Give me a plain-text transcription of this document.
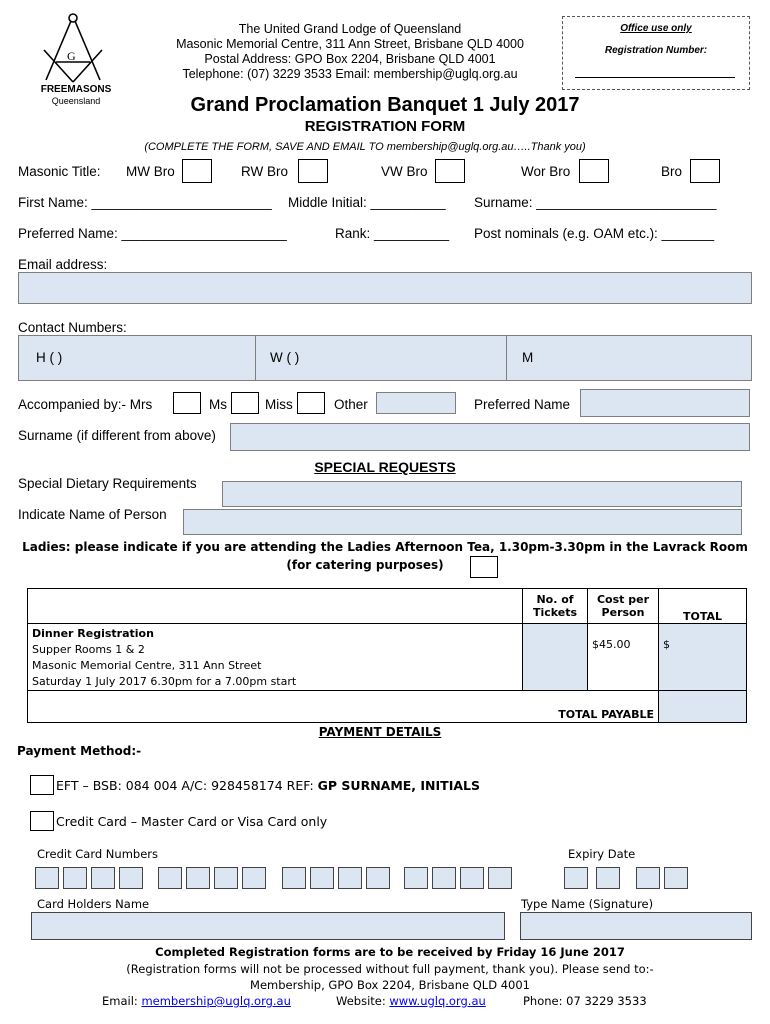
G
FREEMASONS
Queensland
The United Grand Lodge of Queensland
Masonic Memorial Centre, 311 Ann Street, Brisbane QLD 4000
Postal Address: GPO Box 2204, Brisbane QLD 4001
Telephone: (07) 3229 3533 Email: membership@uglq.org.au
Office use only
Registration Number:
Grand Proclamation Banquet 1 July 2017
REGISTRATION FORM
(COMPLETE THE FORM, SAVE AND EMAIL TO membership@uglq.org.au…..Thank you)
Masonic Title: MW Bro	RW Bro	VW Bro	Wor Bro	Bro
First Name: ________________________ Middle Initial: __________ Surname: ________________________
Preferred Name: ______________________	Rank: __________ Post nominals (e.g. OAM etc.): _______
Email address:
Contact Numbers:
H ( )	W ( )	M
Accompanied by:- Mrs	Ms	Miss	Other	Preferred Name
Surname (if different from above)
SPECIAL REQUESTS
Special Dietary Requirements
Indicate Name of Person
Ladies: please indicate if you are attending the Ladies Afternoon Tea, 1.30pm-3.30pm in the Lavrack Room
(for catering purposes)
	No. of Tickets	Cost per Person	TOTAL

Dinner Registration
Supper Rooms 1 & 2
Masonic Memorial Centre, 311 Ann Street
Saturday 1 July 2017 6.30pm for a 7.00pm start		$45.00	$
	TOTAL PAYABLE		
PAYMENT DETAILS
Payment Method:-
EFT – BSB: 084 004 A/C: 928458174 REF: GP SURNAME, INITIALS
Credit Card – Master Card or Visa Card only
Credit Card Numbers	Expiry Date
Card Holders Name	Type Name (Signature)
Completed Registration forms are to be received by Friday 16 June 2017
(Registration forms will not be processed without full payment, thank you). Please send to:-
Membership, GPO Box 2204, Brisbane QLD 4001
Email: membership@uglq.org.au	Website: www.uglq.org.au	Phone: 07 3229 3533
